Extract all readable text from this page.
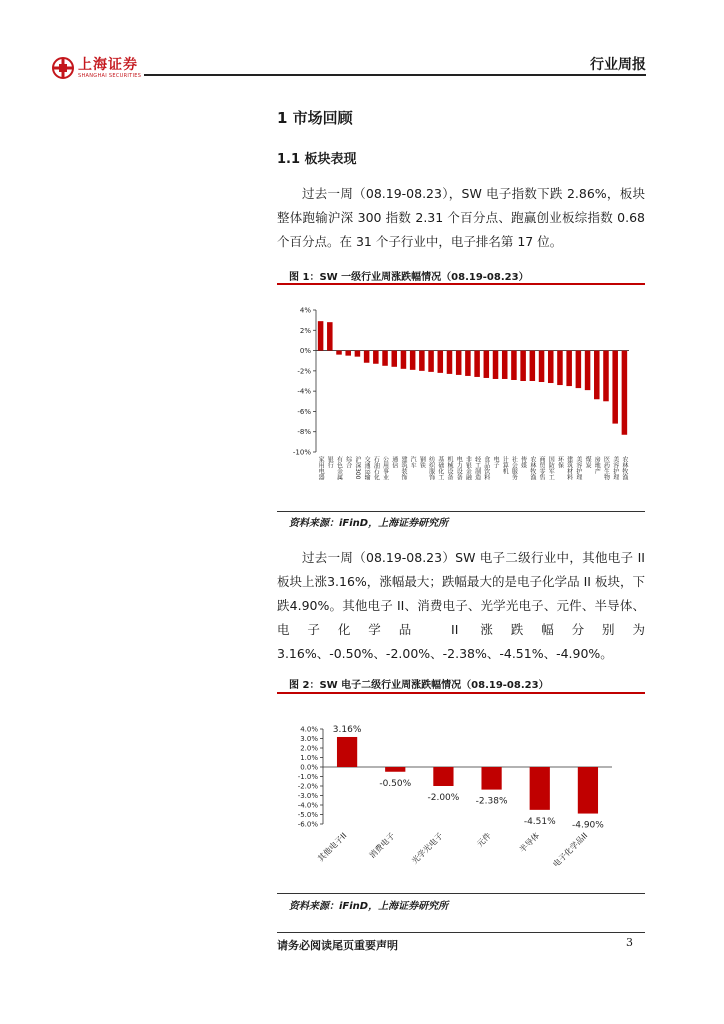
上海证券
SHANGHAI SECURITIES
行业周报
1 市场回顾
1.1 板块表现
过去一周（08.19-08.23），SW 电子指数下跌 2.86%，板块整体跑输沪深 300 指数 2.31 个百分点、跑赢创业板综指数 0.68 个百分点。在 31 个子行业中，电子排名第 17 位。
图 1：SW 一级行业周涨跌幅情况（08.19-08.23）
-10%
-8%
-6%
-4%
-2%
0%
2%
4%
家用电器 银行 有色金属 综合 沪深300 交通运输 石油石化 公用事业 通信 建筑装饰 汽车 钢铁 纺织服饰 基础化工 机械设备 电力设备 非银金融 轻工制造 食品饮料 电子 计算机 社会服务 传媒 农林牧渔 商贸零售 国防军工 环保 建筑材料 美容护理 煤炭 房地产 医药生物 美容护理 农林牧渔
资料来源：iFinD，上海证券研究所
过去一周（08.19-08.23）SW 电子二级行业中，其他电子 II 板块上涨3.16%，涨幅最大；跌幅最大的是电子化学品 II 板块，下跌4.90%。其他电子 II、消费电子、光学光电子、元件、半导体、电子化学品 II 涨跌幅分别为 3.16%、-0.50%、-2.00%、-2.38%、-4.51%、-4.90%。
图 2：SW 电子二级行业周涨跌幅情况（08.19-08.23）
-6.0%
-5.0%
-4.0%
-3.0%
-2.0%
-1.0%
0.0%
1.0%
2.0%
3.0%
4.0% 3.16%
其他电子II
-0.50%
消费电子
-2.00%
光学光电子
-2.38%
元件
-4.51%
半导体
-4.90%
电子化学品II
资料来源：iFinD，上海证券研究所
请务必阅读尾页重要声明	3
